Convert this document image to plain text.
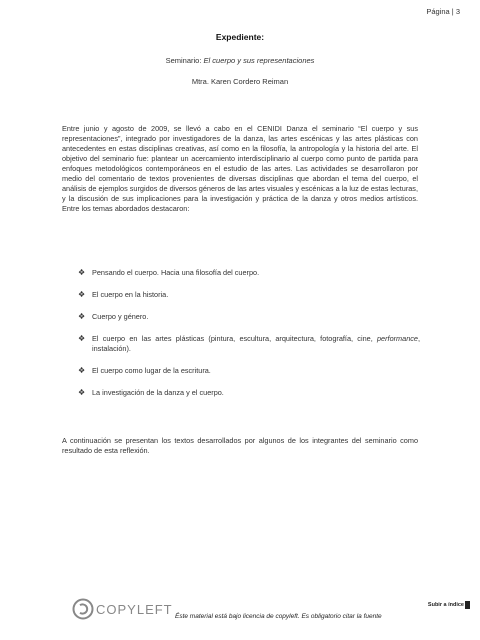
Página | 3
Expediente:
Seminario: El cuerpo y sus representaciones
Mtra. Karen Cordero Reiman

Entre junio y agosto de 2009, se llevó a cabo en el CENIDI Danza el seminario “El cuerpo y sus representaciones”, integrado por investigadores de la danza, las artes escénicas y las artes plásticas con antecedentes en estas disciplinas creativas, así como en la filosofía, la antropología y la historia del arte. El objetivo del seminario fue: plantear un acercamiento interdisciplinario al cuerpo como punto de partida para enfoques metodológicos contemporáneos en el estudio de las artes. Las actividades se desarrollaron por medio del comentario de textos provenientes de diversas disciplinas que abordan el tema del cuerpo, el análisis de ejemplos surgidos de diversos géneros de las artes visuales y escénicas a la luz de estas lecturas, y la discusión de sus implicaciones para la investigación y práctica de la danza y otros medios artísticos. Entre los temas abordados destacaron:

❖ Pensando el cuerpo. Hacia una filosofía del cuerpo.
❖ El cuerpo en la historia.
❖ Cuerpo y género.
❖ El cuerpo en las artes plásticas (pintura, escultura, arquitectura, fotografía, cine, performance, instalación).
❖ El cuerpo como lugar de la escritura.
❖ La investigación de la danza y el cuerpo.

A continuación se presentan los textos desarrollados por algunos de los integrantes del seminario como resultado de esta reflexión.

Subir a índice
COPYLEFT Éste material está bajo licencia de copyleft. Es obligatorio citar la fuente
